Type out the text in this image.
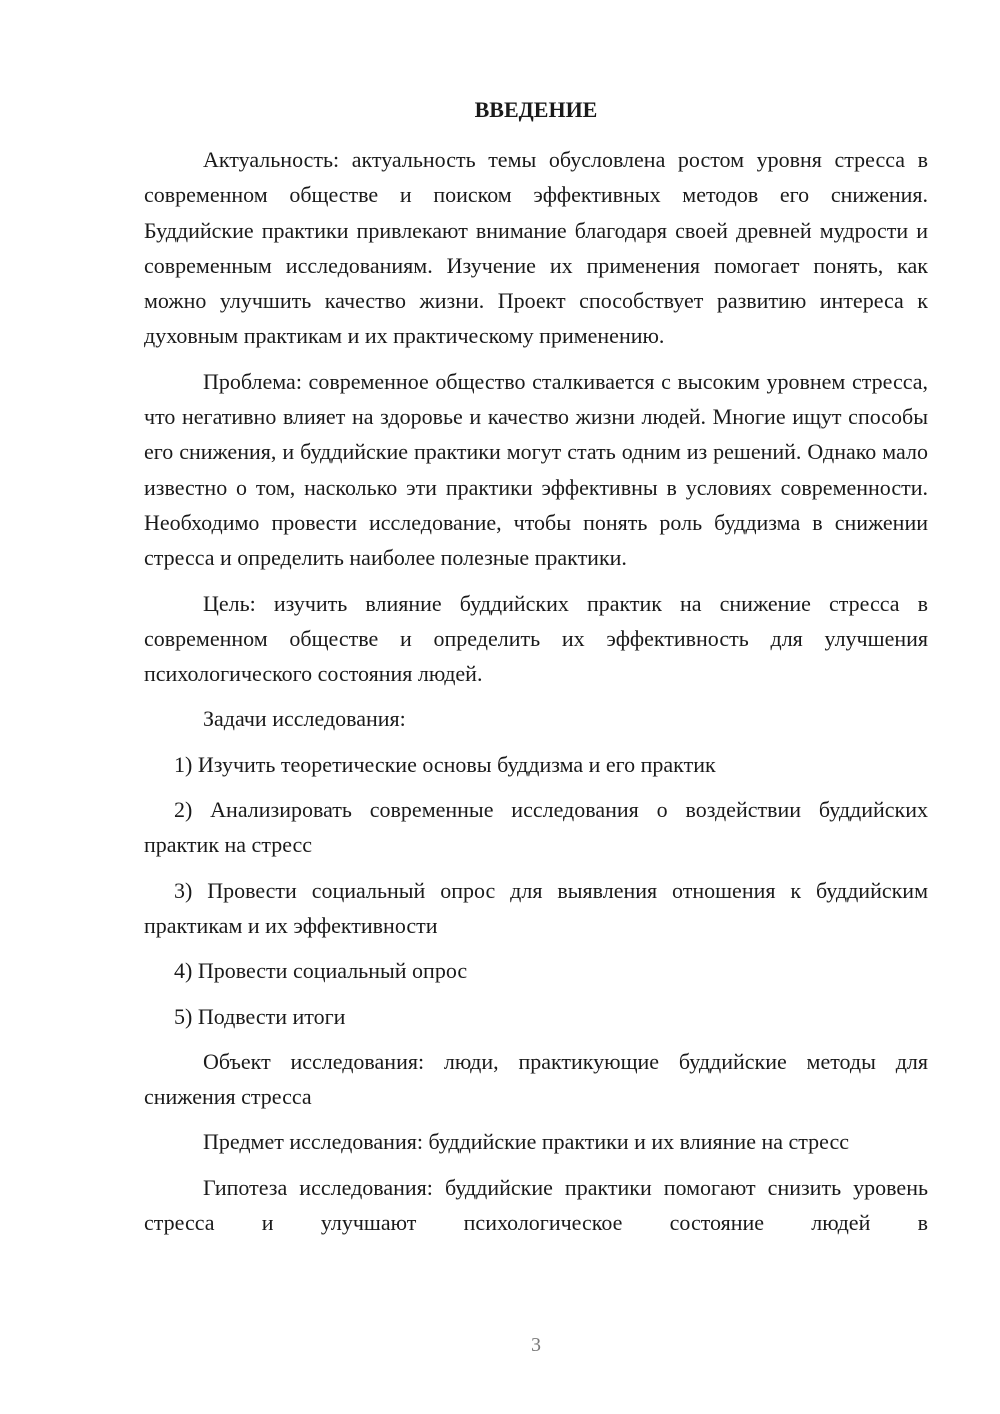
ВВЕДЕНИЕ

Актуальность: актуальность темы обусловлена ростом уровня стресса в современном обществе и поиском эффективных методов его снижения. Буддийские практики привлекают внимание благодаря своей древней мудрости и современным исследованиям. Изучение их применения помогает понять, как можно улучшить качество жизни. Проект способствует развитию интереса к духовным практикам и их практическому применению.

Проблема: современное общество сталкивается с высоким уровнем стресса, что негативно влияет на здоровье и качество жизни людей. Многие ищут способы его снижения, и буддийские практики могут стать одним из решений. Однако мало известно о том, насколько эти практики эффективны в условиях современности. Необходимо провести исследование, чтобы понять роль буддизма в снижении стресса и определить наиболее полезные практики.

Цель: изучить влияние буддийских практик на снижение стресса в современном обществе и определить их эффективность для улучшения психологического состояния людей.

Задачи исследования:

1) Изучить теоретические основы буддизма и его практик

2) Анализировать современные исследования о воздействии буддийских практик на стресс

3) Провести социальный опрос для выявления отношения к буддийским практикам и их эффективности

4) Провести социальный опрос

5) Подвести итоги

Объект исследования: люди, практикующие буддийские методы для снижения стресса

Предмет исследования: буддийские практики и их влияние на стресс

Гипотеза исследования: буддийские практики помогают снизить уровень стресса и улучшают психологическое состояние людей в

3
